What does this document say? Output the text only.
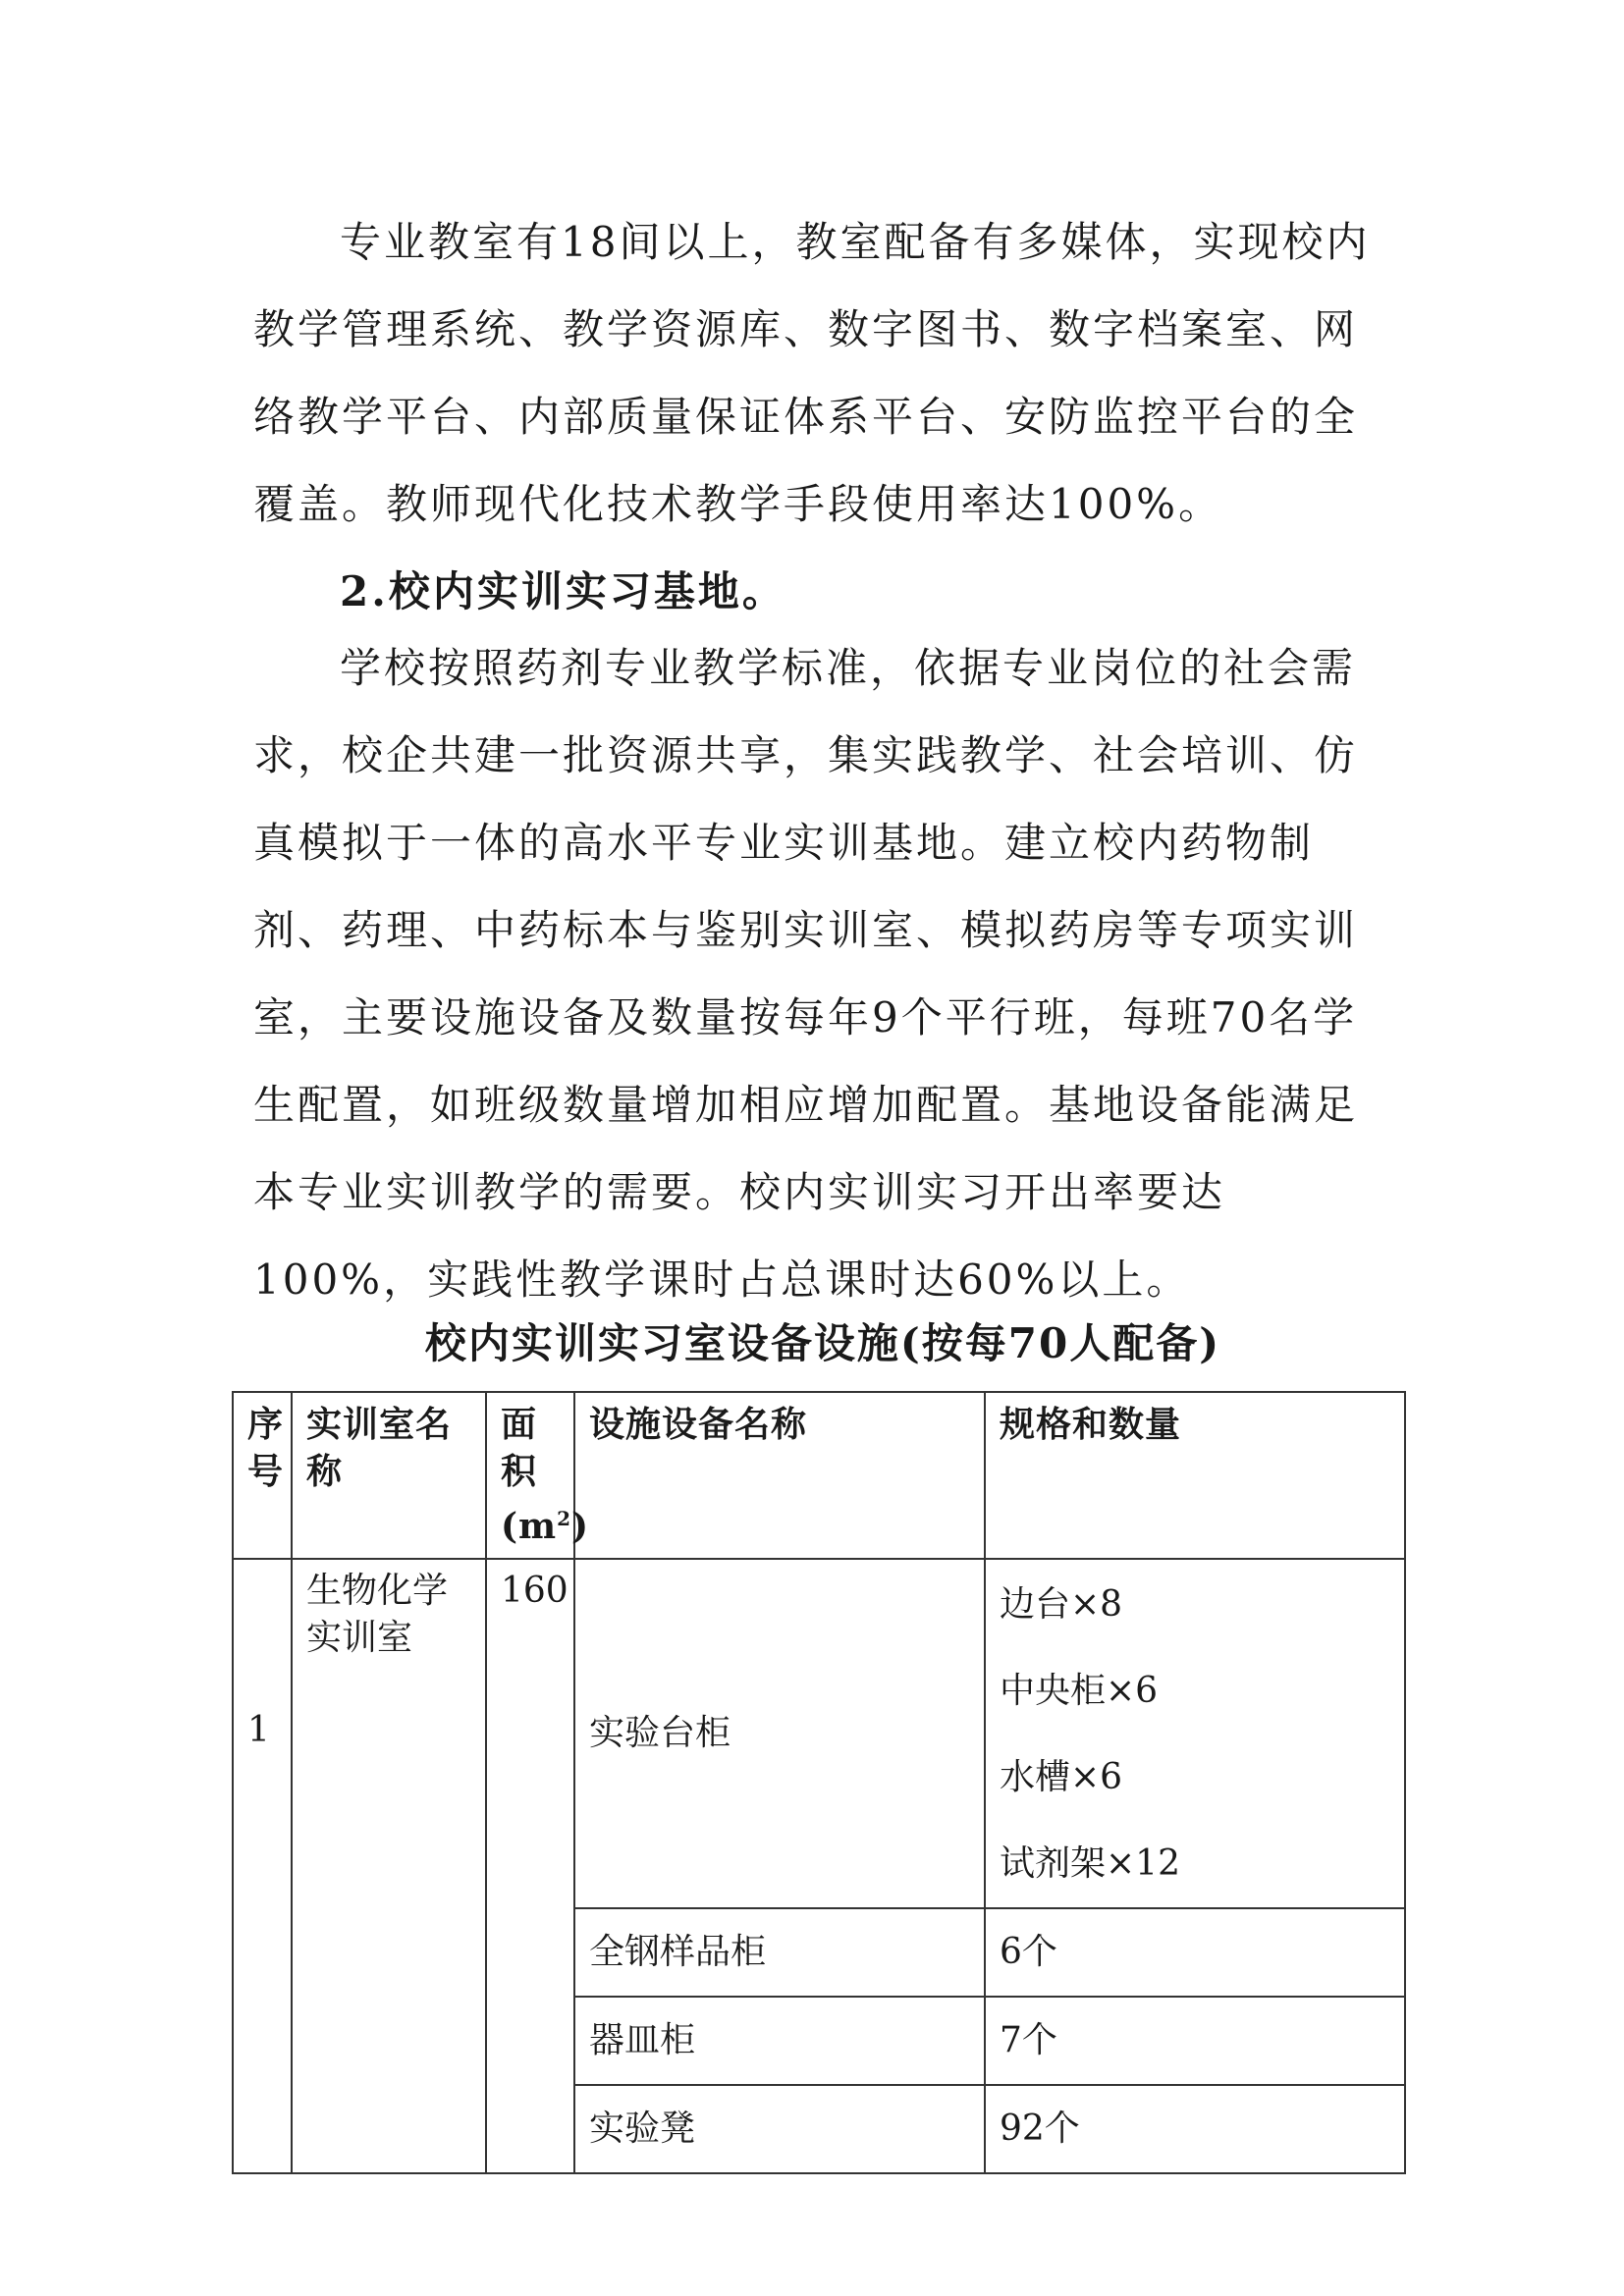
专业教室有18间以上，教室配备有多媒体，实现校内教学管理系统、教学资源库、数字图书、数字档案室、网络教学平台、内部质量保证体系平台、安防监控平台的全覆盖。教师现代化技术教学手段使用率达100%。

2.校内实训实习基地。

学校按照药剂专业教学标准，依据专业岗位的社会需求，校企共建一批资源共享，集实践教学、社会培训、仿真模拟于一体的高水平专业实训基地。建立校内药物制剂、药理、中药标本与鉴别实训室、模拟药房等专项实训室，主要设施设备及数量按每年9个平行班，每班70名学生配置，如班级数量增加相应增加配置。基地设备能满足本专业实训教学的需要。校内实训实习开出率要达100%，实践性教学课时占总课时达60%以上。

校内实训实习室设备设施(按每70人配备)

序号	实训室名称	面积$(m^2)$	设施设备名称	规格和数量
1	生物化学实训室	160	实验台柜	边台×8
中央柜×6
水槽×6
试剂架×12

			全钢样品柜	6个
			器皿柜	7个
			实验凳	92个
